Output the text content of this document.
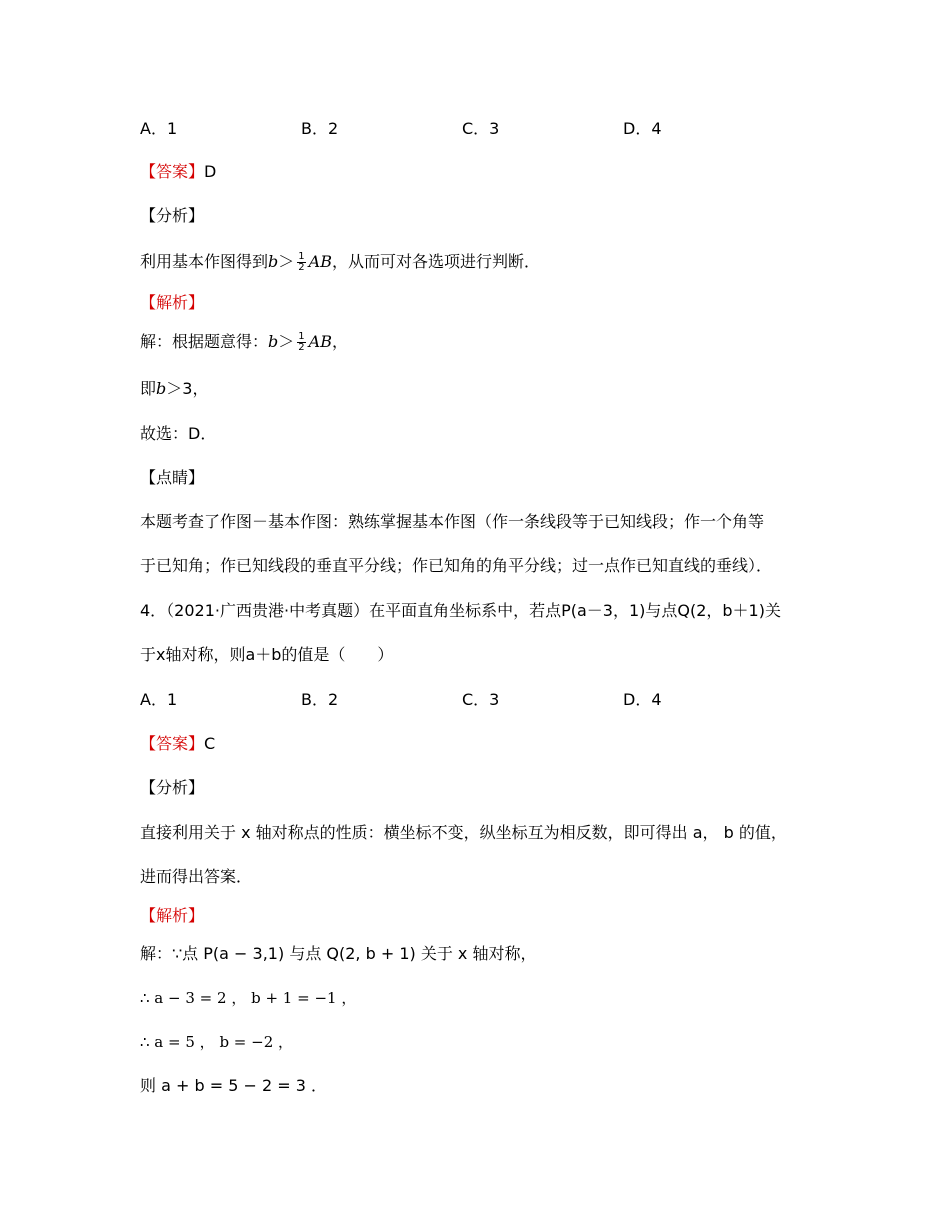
A．1	B．2	C．3	D．4
【答案】D
【分析】
利用基本作图得到$b> \frac{1}{2}$ AB，从而可对各选项进行判断．
【解析】
解：根据题意得：$b> \frac{1}{2}$ AB，
即b＞3，
故选：D．
【点睛】
本题考查了作图－基本作图：熟练掌握基本作图（作一条线段等于已知线段；作一个角等
于已知角；作已知线段的垂直平分线；作已知角的角平分线；过一点作已知直线的垂线）．
4．（2021·广西贵港·中考真题）在平面直角坐标系中，若点P(a－3，1)与点Q(2，b＋1)关
于x轴对称，则a＋b的值是（　　）
A．1	B．2	C．3	D．4
【答案】C
【分析】
直接利用关于 x 轴对称点的性质：横坐标不变，纵坐标互为相反数，即可得出 a， b 的值，
进而得出答案．
【解析】
解：∵点 P(a − 3,1) 与点 Q(2, b + 1) 关于 x 轴对称，
∴ a − 3 = 2 ， b + 1 = −1 ，
∴ a = 5 ， b = −2 ，
则 a + b = 5 − 2 = 3 ．
